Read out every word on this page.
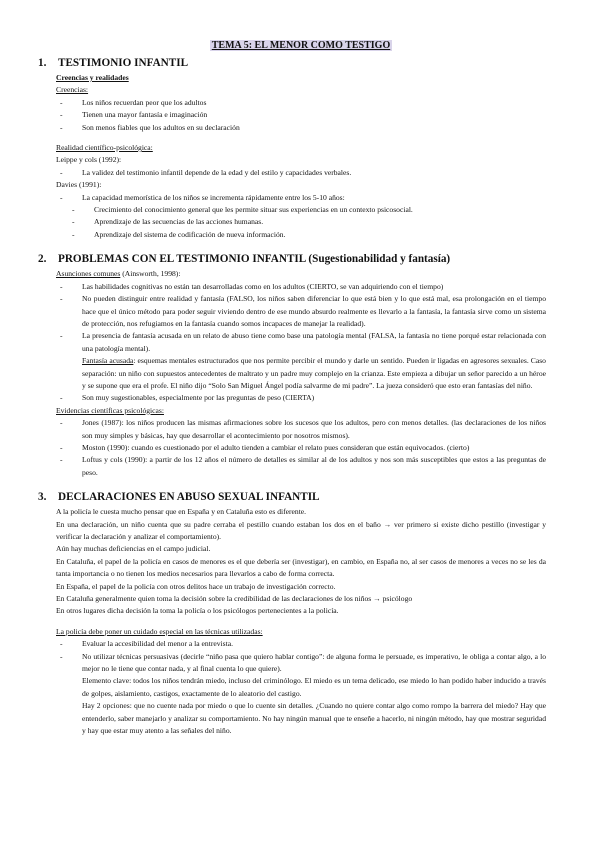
TEMA 5: EL MENOR COMO TESTIGO
1.	TESTIMONIO INFANTIL

Creencias y realidades

Creencias:

- Los niños recuerdan peor que los adultos
- Tienen una mayor fantasía e imaginación
- Son menos fiables que los adultos en su declaración

Realidad científico-psicológica:

Leippe y cols (1992):

- La validez del testimonio infantil depende de la edad y del estilo y capacidades verbales.

Davies (1991):

- La capacidad memorística de los niños se incrementa rápidamente entre los 5-10 años:
- Crecimiento del conocimiento general que les permite situar sus experiencias en un contexto psicosocial.
- Aprendizaje de las secuencias de las acciones humanas.
- Aprendizaje del sistema de codificación de nueva información.
2.	PROBLEMAS CON EL TESTIMONIO INFANTIL (Sugestionabilidad y fantasía)

Asunciones comunes (Ainsworth, 1998):

- Las habilidades cognitivas no están tan desarrolladas como en los adultos (CIERTO, se van adquiriendo con el tiempo)
- No pueden distinguir entre realidad y fantasía (FALSO, los niños saben diferenciar lo que está bien y lo que está mal, esa prolongación en el tiempo hace que el único método para poder seguir viviendo dentro de ese mundo absurdo realmente es llevarlo a la fantasía, la fantasía sirve como un sistema de protección, nos refugiamos en la fantasía cuando somos incapaces de manejar la realidad).
- La presencia de fantasía acusada en un relato de abuso tiene como base una patología mental (FALSA, la fantasía no tiene porqué estar relacionada con una patología mental).

Fantasía acusada: esquemas mentales estructurados que nos permite percibir el mundo y darle un sentido. Pueden ir ligadas en agresores sexuales. Caso separación: un niño con supuestos antecedentes de maltrato y un padre muy complejo en la crianza. Este empieza a dibujar un señor parecido a un héroe y se supone que era el profe. El niño dijo “Solo San Miguel Ángel podía salvarme de mi padre”. La jueza consideró que esto eran fantasías del niño.

- Son muy sugestionables, especialmente por las preguntas de peso (CIERTA)

Evidencias científicas psicológicas:

- Jones (1987): los niños producen las mismas afirmaciones sobre los sucesos que los adultos, pero con menos detalles. (las declaraciones de los niños son muy simples y básicas, hay que desarrollar el acontecimiento por nosotros mismos).
- Moston (1990): cuando es cuestionado por el adulto tienden a cambiar el relato pues consideran que están equivocados. (cierto)
- Loftus y cols (1990): a partir de los 12 años el número de detalles es similar al de los adultos y nos son más susceptibles que estos a las preguntas de peso.
3.	DECLARACIONES EN ABUSO SEXUAL INFANTIL

A la policía le cuesta mucho pensar que en España y en Cataluña esto es diferente.

En una declaración, un niño cuenta que su padre cerraba el pestillo cuando estaban los dos en el baño → ver primero si existe dicho pestillo (investigar y verificar la declaración y analizar el comportamiento).

Aún hay muchas deficiencias en el campo judicial.

En Cataluña, el papel de la policía en casos de menores es el que debería ser (investigar), en cambio, en España no, al ser casos de menores a veces no se les da tanta importancia o no tienen los medios necesarios para llevarlos a cabo de forma correcta.

En España, el papel de la policía con otros delitos hace un trabajo de investigación correcto.

En Cataluña generalmente quien toma la decisión sobre la credibilidad de las declaraciones de los niños → psicólogo

En otros lugares dicha decisión la toma la policía o los psicólogos pertenecientes a la policía.

La policía debe poner un cuidado especial en las técnicas utilizadas:

- Evaluar la accesibilidad del menor a la entrevista.
- No utilizar técnicas persuasivas (decirle “niño pasa que quiero hablar contigo”: de alguna forma le persuade, es imperativo, le obliga a contar algo, a lo mejor no le tiene que contar nada, y al final cuenta lo que quiere).

Elemento clave: todos los niños tendrán miedo, incluso del criminólogo. El miedo es un tema delicado, ese miedo lo han podido haber inducido a través de golpes, aislamiento, castigos, exactamente de lo aleatorio del castigo.

Hay 2 opciones: que no cuente nada por miedo o que lo cuente sin detalles. ¿Cuando no quiere contar algo como rompo la barrera del miedo? Hay que entenderlo, saber manejarlo y analizar su comportamiento. No hay ningún manual que te enseñe a hacerlo, ni ningún método, hay que mostrar seguridad y hay que estar muy atento a las señales del niño.
